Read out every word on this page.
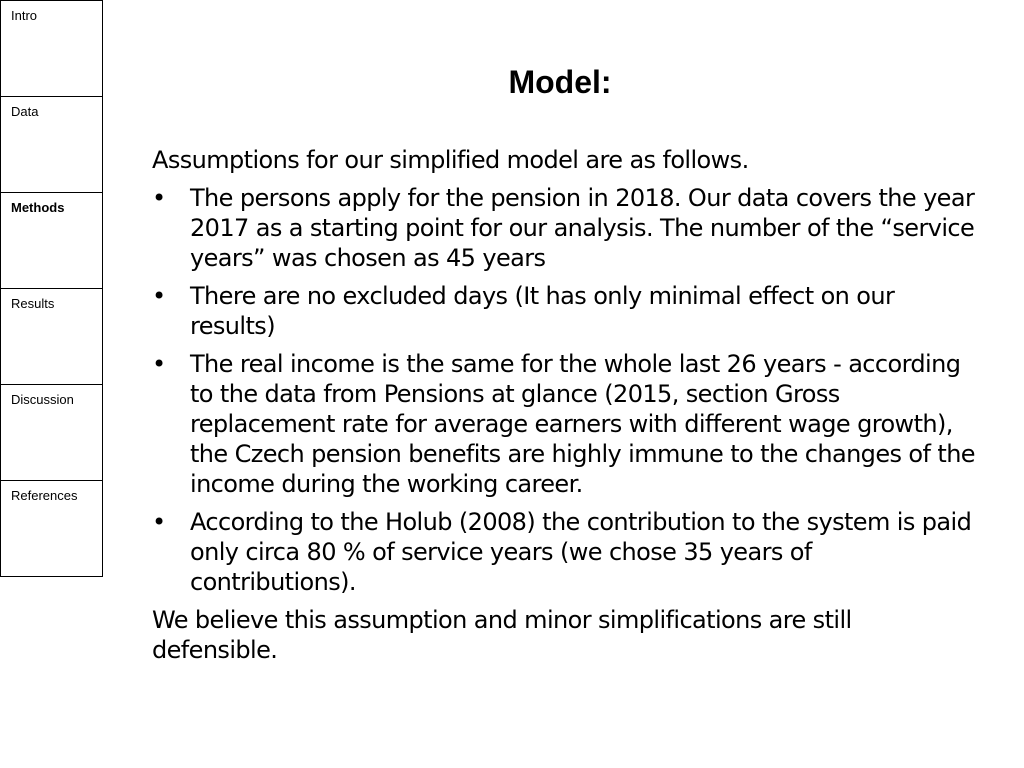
Intro
Data
Methods
Results
Discussion
References
Model:

Assumptions for our simplified model are as follows.

• The persons apply for the pension in 2018. Our data covers the year 2017 as a starting point for our analysis. The number of the “service years” was chosen as 45 years
• There are no excluded days (It has only minimal effect on our results)
• The real income is the same for the whole last 26 years - according to the data from Pensions at glance (2015, section Gross replacement rate for average earners with different wage growth), the Czech pension benefits are highly immune to the changes of the income during the working career.
• According to the Holub (2008) the contribution to the system is paid only circa 80 % of service years (we chose 35 years of contributions).

We believe this assumption and minor simplifications are still defensible.
